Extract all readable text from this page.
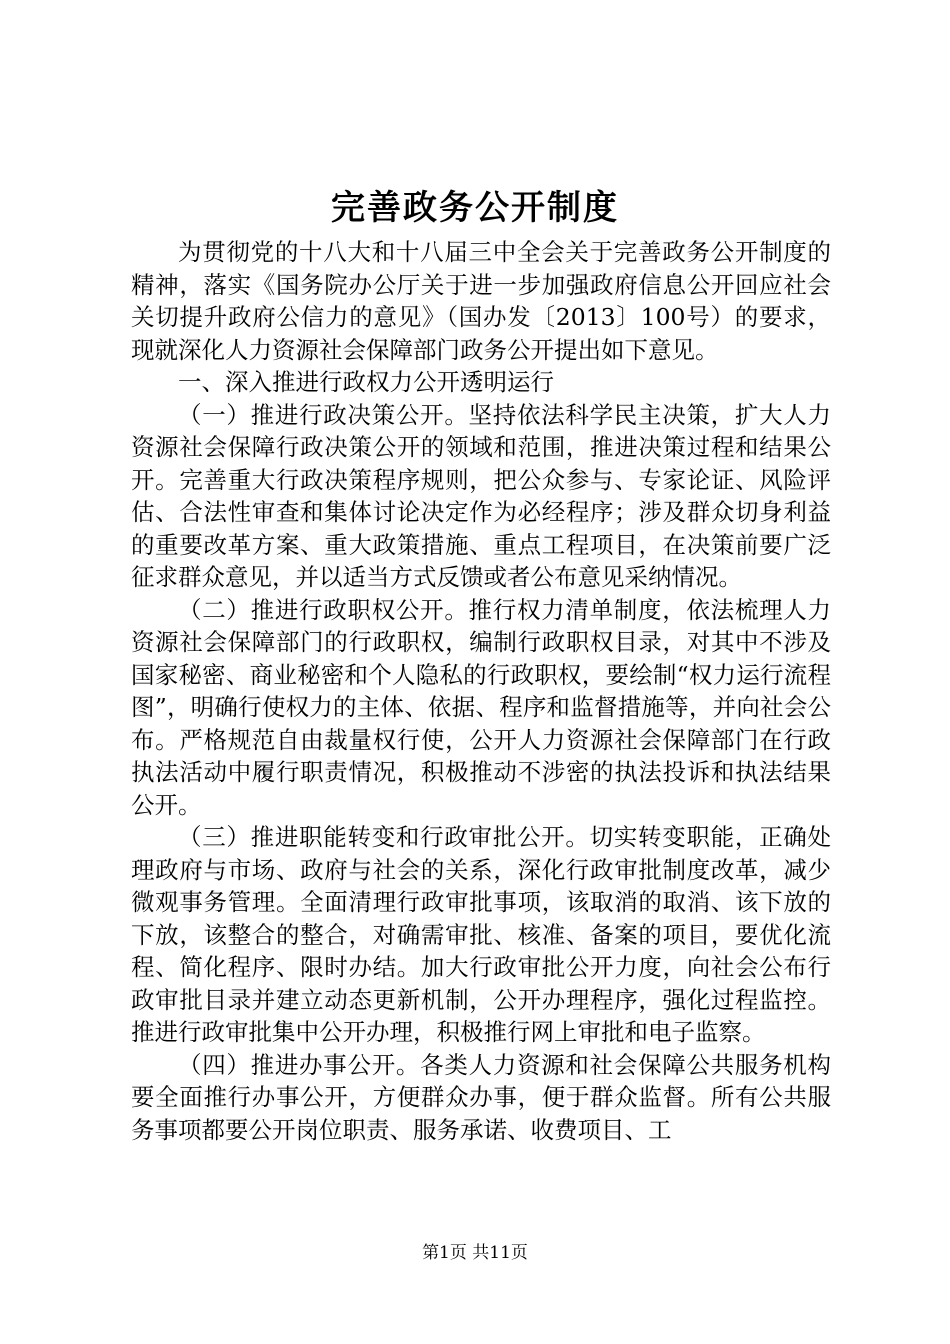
完善政务公开制度

为贯彻党的十八大和十八届三中全会关于完善政务公开制度的精神，落实《国务院办公厅关于进一步加强政府信息公开回应社会关切提升政府公信力的意见》（国办发〔2013〕100号）的要求，现就深化人力资源社会保障部门政务公开提出如下意见。

一、深入推进行政权力公开透明运行

（一）推进行政决策公开。坚持依法科学民主决策，扩大人力资源社会保障行政决策公开的领域和范围，推进决策过程和结果公开。完善重大行政决策程序规则，把公众参与、专家论证、风险评估、合法性审查和集体讨论决定作为必经程序；涉及群众切身利益的重要改革方案、重大政策措施、重点工程项目，在决策前要广泛征求群众意见，并以适当方式反馈或者公布意见采纳情况。

（二）推进行政职权公开。推行权力清单制度，依法梳理人力资源社会保障部门的行政职权，编制行政职权目录，对其中不涉及国家秘密、商业秘密和个人隐私的行政职权，要绘制“权力运行流程图”，明确行使权力的主体、依据、程序和监督措施等，并向社会公布。严格规范自由裁量权行使，公开人力资源社会保障部门在行政执法活动中履行职责情况，积极推动不涉密的执法投诉和执法结果公开。

（三）推进职能转变和行政审批公开。切实转变职能，正确处理政府与市场、政府与社会的关系，深化行政审批制度改革，减少微观事务管理。全面清理行政审批事项，该取消的取消、该下放的下放，该整合的整合，对确需审批、核准、备案的项目，要优化流程、简化程序、限时办结。加大行政审批公开力度，向社会公布行政审批目录并建立动态更新机制，公开办理程序，强化过程监控。推进行政审批集中公开办理，积极推行网上审批和电子监察。

（四）推进办事公开。各类人力资源和社会保障公共服务机构要全面推行办事公开，方便群众办事，便于群众监督。所有公共服务事项都要公开岗位职责、服务承诺、收费项目、工

第1页 共11页
